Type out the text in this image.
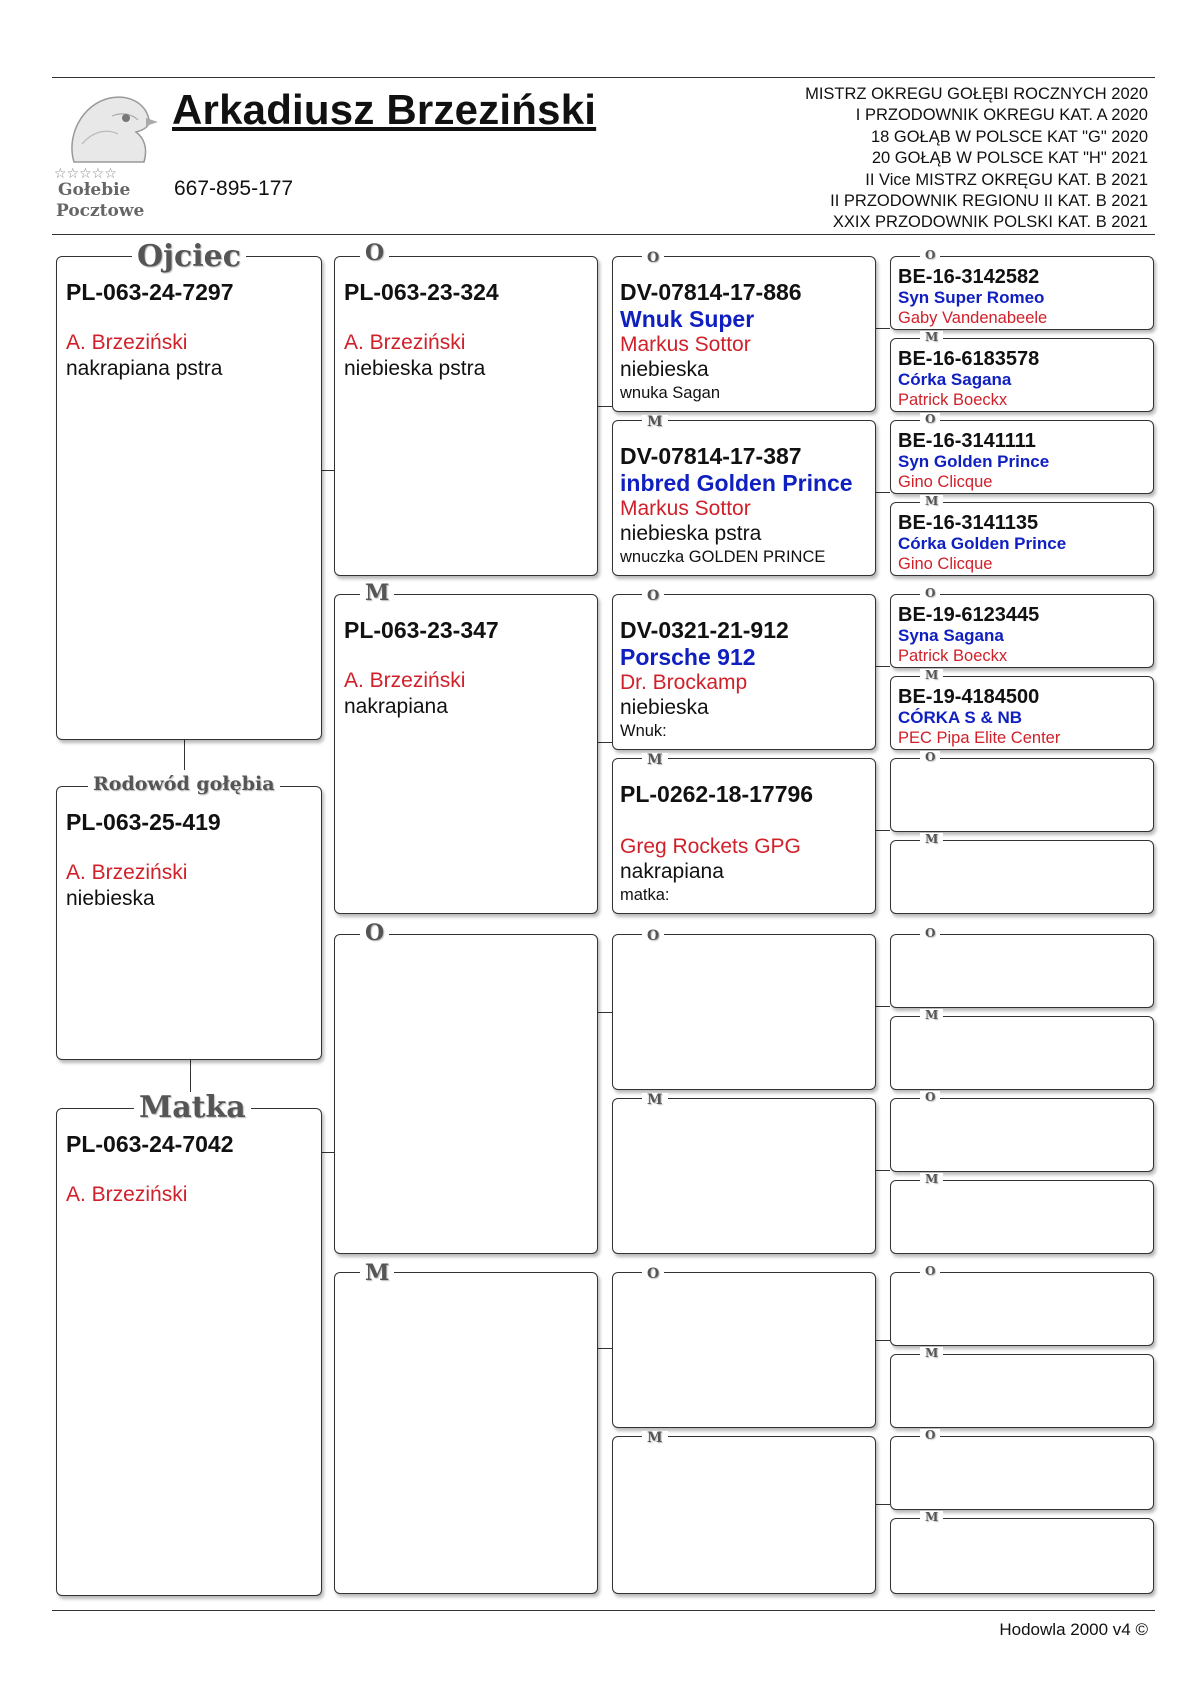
☆☆☆☆☆
Gołebie
Pocztowe
Arkadiusz Brzeziński
667-895-177
MISTRZ OKREGU GOŁĘBI ROCZNYCH 2020
I PRZODOWNIK OKREGU KAT. A 2020
18 GOŁĄB W POLSCE KAT "G" 2020
20 GOŁĄB W POLSCE KAT "H" 2021
II Vice MISTRZ OKRĘGU KAT. B 2021
II PRZODOWNIK REGIONU II KAT. B 2021
XXIX PRZODOWNIK POLSKI KAT. B 2021
PL-063-24-7297
A. Brzeziński
nakrapiana pstra
Ojciec
PL-063-25-419
A. Brzeziński
niebieska
Rodowód gołębia
PL-063-24-7042
A. Brzeziński
Matka
PL-063-23-324
A. Brzeziński
niebieska pstra
O
PL-063-23-347
A. Brzeziński
nakrapiana
M
O
M
DV-07814-17-886
Wnuk Super
Markus Sottor
niebieska
wnuka Sagan
O
DV-07814-17-387
inbred Golden Prince
Markus Sottor
niebieska pstra
wnuczka GOLDEN PRINCE
M
DV-0321-21-912
Porsche 912
Dr. Brockamp
niebieska
Wnuk:
O
PL-0262-18-17796
Greg Rockets GPG
nakrapiana
matka:
M
O
M
O
M
BE-16-3142582
Syn Super Romeo
Gaby Vandenabeele
O
BE-16-6183578
Córka Sagana
Patrick Boeckx
M
BE-16-3141111
Syn Golden Prince
Gino Clicque
O
BE-16-3141135
Córka Golden Prince
Gino Clicque
M
BE-19-6123445
Syna Sagana
Patrick Boeckx
O
BE-19-4184500
CÓRKA S & NB
PEC Pipa Elite Center
M
O
M
O
M
O
M
O
M
O
M
Hodowla 2000 v4 ©
